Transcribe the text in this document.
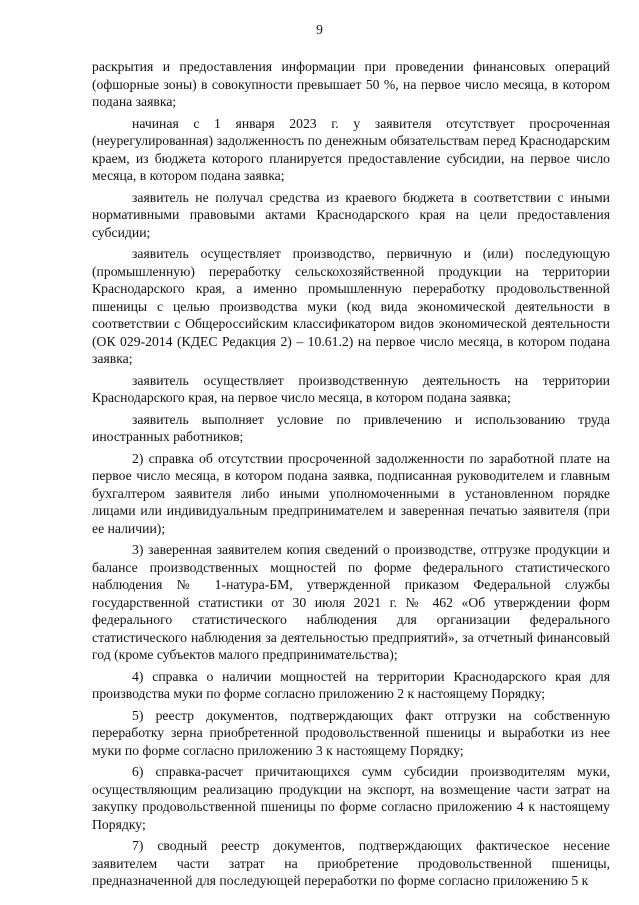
9

раскрытия и предоставления информации при проведении финансовых операций (офшорные зоны) в совокупности превышает 50 %, на первое число месяца, в котором подана заявка;

начиная с 1 января 2023 г. у заявителя отсутствует просроченная (неурегулированная) задолженность по денежным обязательствам перед Краснодарским краем, из бюджета которого планируется предоставление субсидии, на первое число месяца, в котором подана заявка;

заявитель не получал средства из краевого бюджета в соответствии с иными нормативными правовыми актами Краснодарского края на цели предоставления субсидии;

заявитель осуществляет производство, первичную и (или) последующую (промышленную) переработку сельскохозяйственной продукции на территории Краснодарского края, а именно промышленную переработку продовольственной пшеницы с целью производства муки (код вида экономической деятельности в соответствии с Общероссийским классификатором видов экономической деятельности (ОК 029-2014 (КДЕС Редакция 2) – 10.61.2) на первое число месяца, в котором подана заявка;

заявитель осуществляет производственную деятельность на территории Краснодарского края, на первое число месяца, в котором подана заявка;

заявитель выполняет условие по привлечению и использованию труда иностранных работников;

2) справка об отсутствии просроченной задолженности по заработной плате на первое число месяца, в котором подана заявка, подписанная руководителем и главным бухгалтером заявителя либо иными уполномоченными в установленном порядке лицами или индивидуальным предпринимателем и заверенная печатью заявителя (при ее наличии);

3) заверенная заявителем копия сведений о производстве, отгрузке продукции и балансе производственных мощностей по форме федерального статистического наблюдения № 1-натура-БМ, утвержденной приказом Федеральной службы государственной статистики от 30 июля 2021 г. № 462 «Об утверждении форм федерального статистического наблюдения для организации федерального статистического наблюдения за деятельностью предприятий», за отчетный финансовый год (кроме субъектов малого предпринимательства);

4) справка о наличии мощностей на территории Краснодарского края для производства муки по форме согласно приложению 2 к настоящему Порядку;

5) реестр документов, подтверждающих факт отгрузки на собственную переработку зерна приобретенной продовольственной пшеницы и выработки из нее муки по форме согласно приложению 3 к настоящему Порядку;

6) справка-расчет причитающихся сумм субсидии производителям муки, осуществляющим реализацию продукции на экспорт, на возмещение части затрат на закупку продовольственной пшеницы по форме согласно приложению 4 к настоящему Порядку;

7) сводный реестр документов, подтверждающих фактическое несение заявителем части затрат на приобретение продовольственной пшеницы, предназначенной для последующей переработки по форме согласно приложению 5 к
